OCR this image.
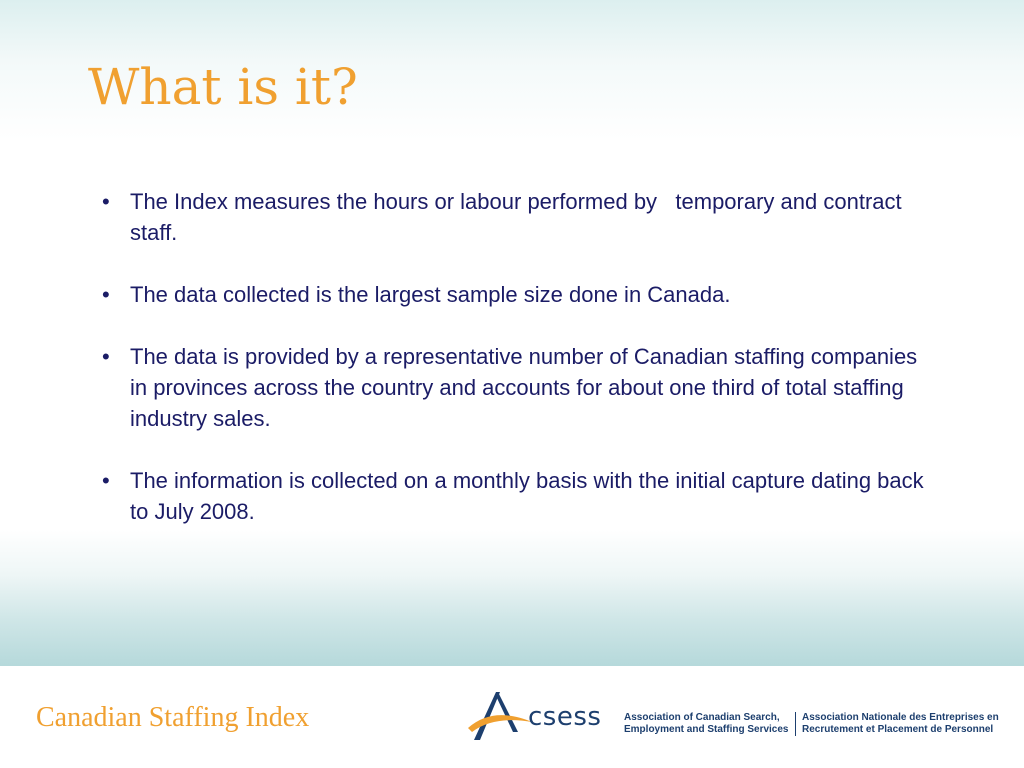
What is it?
• The Index measures the hours or labour performed by   temporary and contract staff.
• The data collected is the largest sample size done in Canada.
• The data is provided by a representative number of Canadian staffing companies in provinces across the country and accounts for about one third of total staffing industry sales.
• The information is collected on a monthly basis with the initial capture dating back to July 2008.
Canadian Staffing Index	csess Association of Canadian Search,
Employment and Staffing Services
Association Nationale des Entreprises en
Recrutement et Placement de Personnel
